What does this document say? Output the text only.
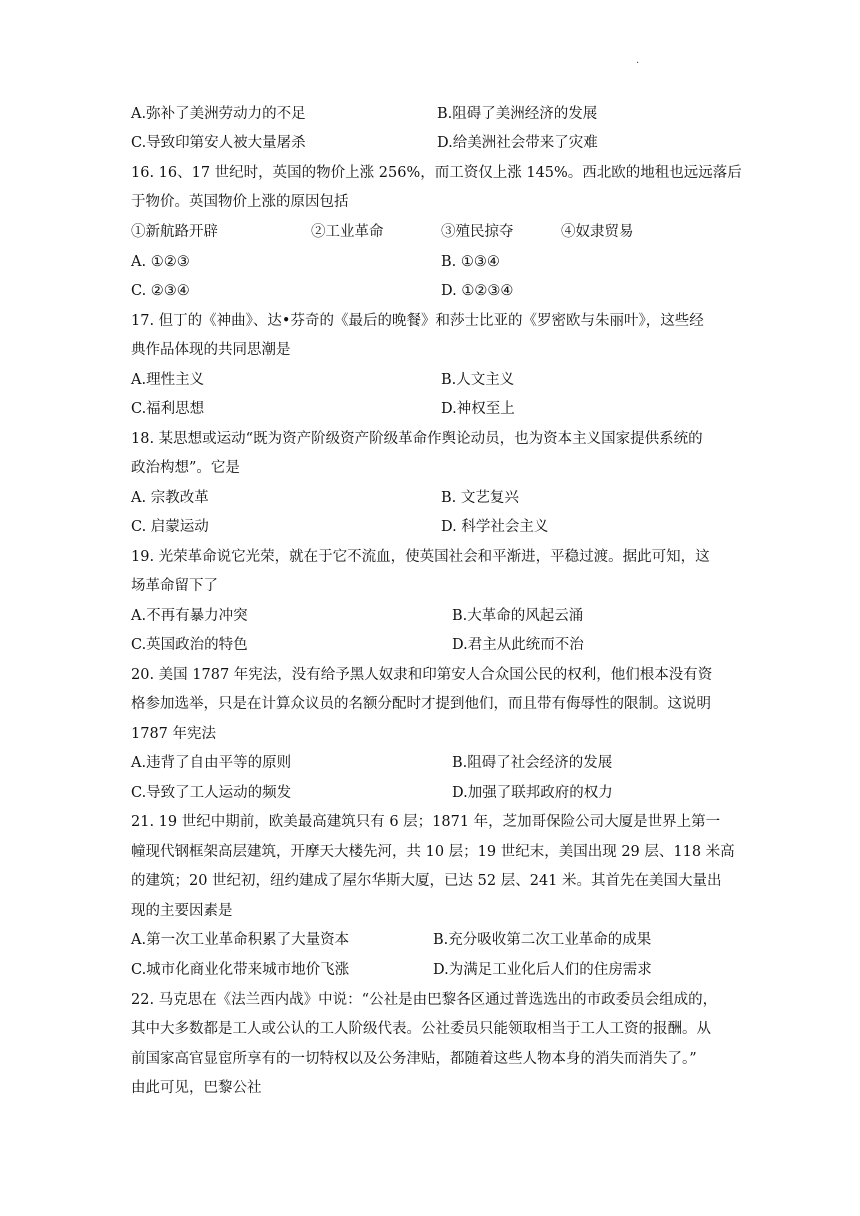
·
A.弥补了美洲劳动力的不足	B.阻碍了美洲经济的发展
C.导致印第安人被大量屠杀	D.给美洲社会带来了灾难
16. 16、17 世纪时，英国的物价上涨 256%，而工资仅上涨 145%。西北欧的地租也远远落后
于物价。英国物价上涨的原因包括
①新航路开辟	②工业革命	③殖民掠夺	④奴隶贸易
A. ①②③	B. ①③④
C. ②③④	D. ①②③④
17. 但丁的《神曲》、达•芬奇的《最后的晚餐》和莎士比亚的《罗密欧与朱丽叶》，这些经
典作品体现的共同思潮是
A.理性主义	B.人文主义
C.福利思想	D.神权至上
18. 某思想或运动“既为资产阶级资产阶级革命作舆论动员，也为资本主义国家提供系统的
政治构想”。它是
A. 宗教改革	B. 文艺复兴
C. 启蒙运动	D. 科学社会主义
19. 光荣革命说它光荣，就在于它不流血，使英国社会和平渐进，平稳过渡。据此可知，这
场革命留下了
A.不再有暴力冲突	B.大革命的风起云涌
C.英国政治的特色	D.君主从此统而不治
20. 美国 1787 年宪法，没有给予黑人奴隶和印第安人合众国公民的权利，他们根本没有资
格参加选举，只是在计算众议员的名额分配时才提到他们，而且带有侮辱性的限制。这说明
1787 年宪法
A.违背了自由平等的原则	B.阻碍了社会经济的发展
C.导致了工人运动的频发	D.加强了联邦政府的权力
21. 19 世纪中期前，欧美最高建筑只有 6 层；1871 年，芝加哥保险公司大厦是世界上第一
幢现代钢框架高层建筑，开摩天大楼先河，共 10 层；19 世纪末，美国出现 29 层、118 米高
的建筑；20 世纪初，纽约建成了屋尔华斯大厦，已达 52 层、241 米。其首先在美国大量出
现的主要因素是
A.第一次工业革命积累了大量资本	B.充分吸收第二次工业革命的成果
C.城市化商业化带来城市地价飞涨	D.为满足工业化后人们的住房需求
22. 马克思在《法兰西内战》中说：“公社是由巴黎各区通过普选选出的市政委员会组成的，
其中大多数都是工人或公认的工人阶级代表。公社委员只能领取相当于工人工资的报酬。从
前国家高官显宦所享有的一切特权以及公务津贴，都随着这些人物本身的消失而消失了。”
由此可见，巴黎公社
